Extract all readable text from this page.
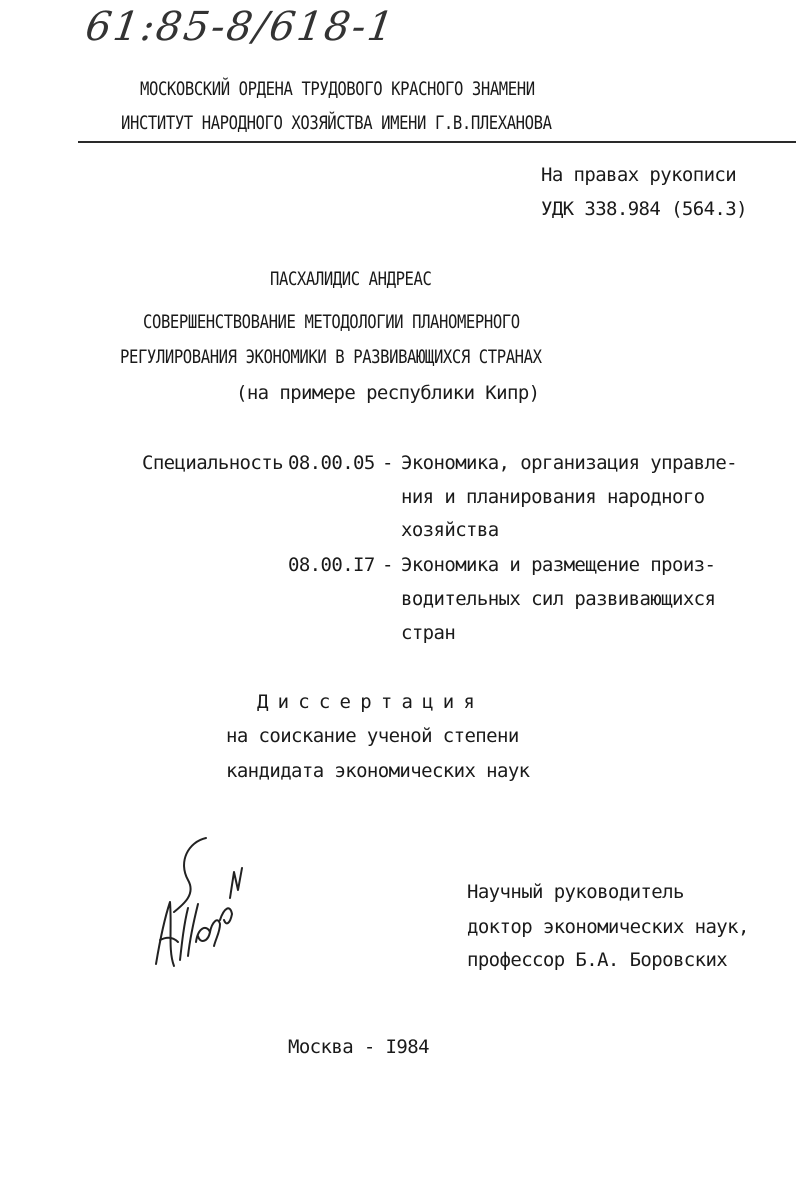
61:85-8/618-1
МОСКОВСКИЙ ОРДЕНА ТРУДОВОГО КРАСНОГО ЗНАМЕНИ
ИНСТИТУТ НАРОДНОГО ХОЗЯЙСТВА ИМЕНИ Г.В.ПЛЕХАНОВА
На правах рукописи
УДК 338.984 (564.3)
ПАСХАЛИДИС АНДРЕАС
СОВЕРШЕНСТВОВАНИЕ МЕТОДОЛОГИИ ПЛАНОМЕРНОГО
РЕГУЛИРОВАНИЯ ЭКОНОМИКИ В РАЗВИВАЮЩИХСЯ СТРАНАХ
(на примере республики Кипр)
Специальность 08.00.05 - Экономика, организация управле-
ния и планирования народного
хозяйства
08.00.I7 - Экономика и размещение произ-
водительных сил развивающихся
стран
Диссертация
на соискание ученой степени
кандидата экономических наук
Научный руководитель
доктор экономических наук,
профессор Б.А. Боровских
Москва - I984
